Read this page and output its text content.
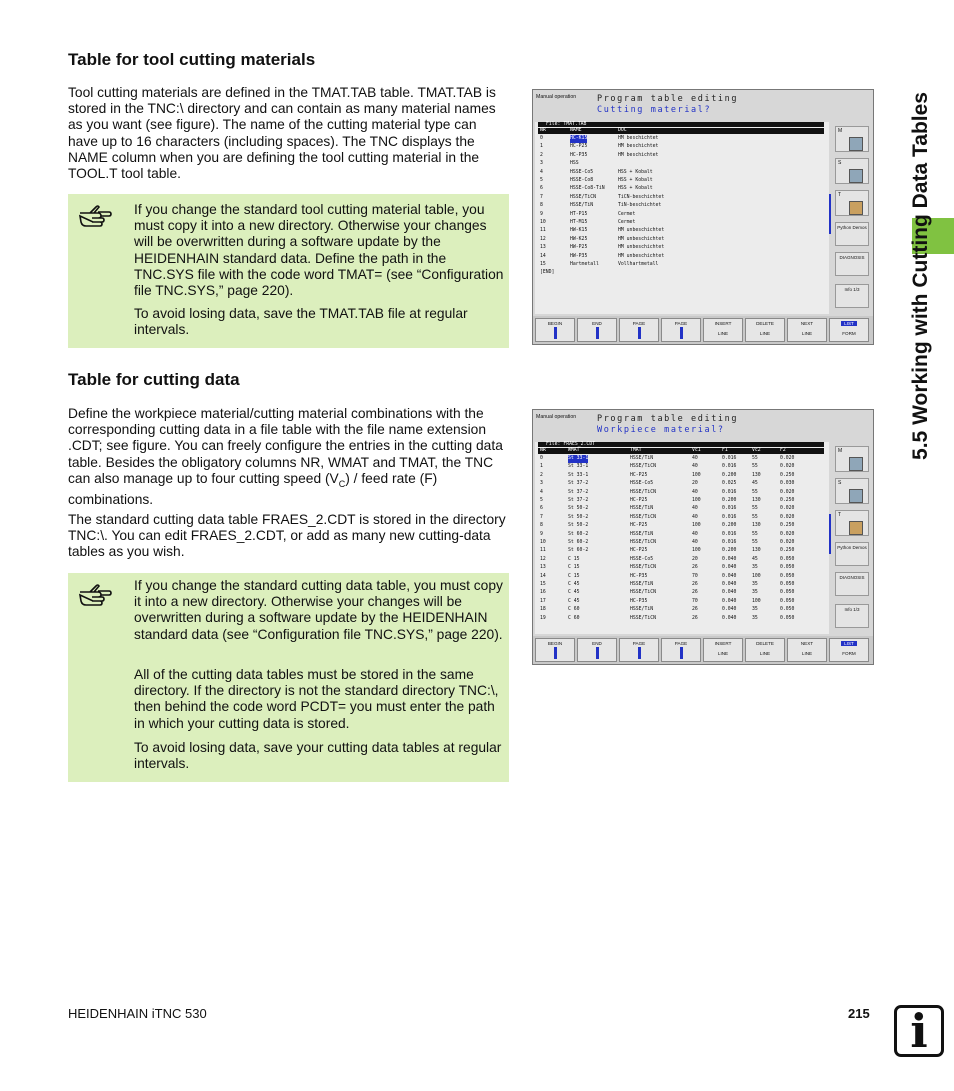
Table for tool cutting materials

Tool cutting materials are defined in the TMAT.TAB table. TMAT.TAB is stored in the TNC:\ directory and can contain as many material names as you want (see figure). The name of the cutting material type can have up to 16 characters (including spaces). The TNC displays the NAME column when you are defining the tool cutting material in the TOOL.T tool table.

If you change the standard tool cutting material table, you must copy it into a new directory. Otherwise your changes will be overwritten during a software update by the HEIDENHAIN standard data. Define the path in the TNC.SYS file with the code word TMAT= (see “Configuration file TNC.SYS,” page 220).

To avoid losing data, save the TMAT.TAB file at regular intervals.

Table for cutting data

Define the workpiece material/cutting material combinations with the corresponding cutting data in a file table with the file name extension .CDT; see figure. You can freely configure the entries in the cutting data table. Besides the obligatory columns NR, WMAT and TMAT, the TNC can also manage up to four cutting speed $(V_C)$ / feed rate (F) combinations.

The standard cutting data table FRAES_2.CDT is stored in the directory TNC:\. You can edit FRAES_2.CDT, or add as many new cutting-data tables as you wish.

If you change the standard cutting data table, you must copy it into a new directory. Otherwise your changes will be overwritten during a software update by the HEIDENHAIN standard data (see “Configuration file TNC.SYS,” page 220).

All of the cutting data tables must be stored in the same directory. If the directory is not the standard directory TNC:\, then behind the code word PCDT= you must enter the path in which your cutting data is stored.

To avoid losing data, save your cutting data tables at regular intervals.

5.5 Working with Cutting Data Tables
Manual operation	Program table editing
Cutting material?
File: TMAT.TAB
NR	NAME	DOC
0	HC-K15	HM beschichtet
1	HC-P25	HM beschichtet
2	HC-P35	HM beschichtet
3	HSS
4	HSSE-Co5	HSS + Kobalt
5	HSSE-Co8	HSS + Kobalt
6	HSSE-Co8-TiN	HSS + Kobalt
7	HSSE/TiCN	TiCN-beschichtet
8	HSSE/TiN	TiN-beschichtet
9	HT-P15	Cermet
10	HT-M15	Cermet
11	HW-K15	HM unbeschichtet
12	HW-K25	HM unbeschichtet
13	HW-P25	HM unbeschichtet
14	HW-P35	HM unbeschichtet
15	Hartmetall	Vollhartmetall
[END]
M
S
T
Python Demos
DIAGNOSIS
Info 1/3
BEGIN	END	PAGE	PAGE	INSERT
LINE
DELETE
LINE
NEXT
LINE
LIST
FORM
Manual operation	Program table editing
Workpiece material?
File: FRAES_2.CDT
NR	WMAT	TMAT	Vc1	F1	Vc2	F2
0	St 33-1	HSSE/TiN	40	0.016	55	0.020
1	St 33-1	HSSE/TiCN	40	0.016	55	0.020
2	St 33-1	HC-P25	100	0.200	130	0.250
3	St 37-2	HSSE-Co5	20	0.025	45	0.030
4	St 37-2	HSSE/TiCN	40	0.016	55	0.020
5	St 37-2	HC-P25	100	0.200	130	0.250
6	St 50-2	HSSE/TiN	40	0.016	55	0.020
7	St 50-2	HSSE/TiCN	40	0.016	55	0.020
8	St 50-2	HC-P25	100	0.200	130	0.250
9	St 60-2	HSSE/TiN	40	0.016	55	0.020
10	St 60-2	HSSE/TiCN	40	0.016	55	0.020
11	St 60-2	HC-P25	100	0.200	130	0.250
12	C 15	HSSE-Co5	20	0.040	45	0.050
13	C 15	HSSE/TiCN	26	0.040	35	0.050
14	C 15	HC-P35	70	0.040	100	0.050
15	C 45	HSSE/TiN	26	0.040	35	0.050
16	C 45	HSSE/TiCN	26	0.040	35	0.050
17	C 45	HC-P35	70	0.040	100	0.050
18	C 60	HSSE/TiN	26	0.040	35	0.050
19	C 60	HSSE/TiCN	26	0.040	35	0.050
M
S
T
Python Demos
DIAGNOSIS
Info 1/3
BEGIN	END	PAGE	PAGE	INSERT
LINE
DELETE
LINE
NEXT
LINE
LIST
FORM
HEIDENHAIN iTNC 530	215 i
